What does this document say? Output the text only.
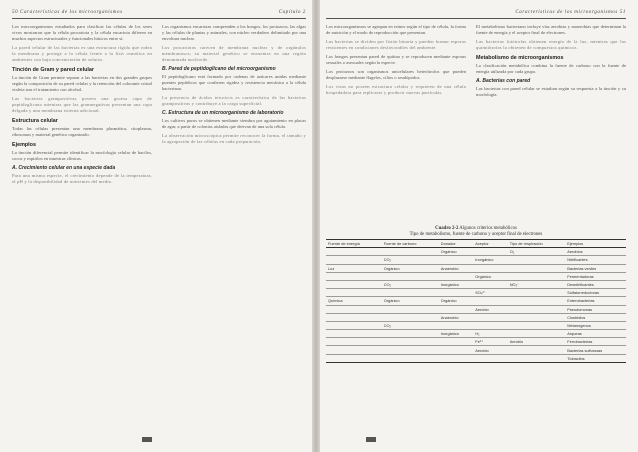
50 Características de los microorganismos	Capítulo 2

Los microorganismos estudiados para clasificar las células de los seres vivos mostraron que la célula procariota y la célula eucariota difieren en muchos aspectos estructurales y funcionales básicos entre sí.

La pared celular de las bacterias es una estructura rígida que rodea la membrana y protege a la célula frente a la lisis osmótica en ambientes con baja concentración de solutos.

Tinción de Gram y pared celular

La tinción de Gram permite separar a las bacterias en dos grandes grupos según la composición de su pared celular y la retención del colorante cristal violeta tras el tratamiento con alcohol.

Las bacterias grampositivas poseen una gruesa capa de peptidoglicano mientras que las gramnegativas presentan una capa delgada y una membrana externa adicional.

Estructura celular

Todas las células presentan una membrana plasmática, citoplasma, ribosomas y material genético organizado.

Ejemplos

La tinción diferencial permite identificar la morfología celular de bacilos, cocos y espirilos en muestras clínicas.

A. Crecimiento celular en una especie dada

Para una misma especie, el crecimiento depende de la temperatura, el pH y la disponibilidad de nutrientes del medio.

Los organismos eucariotas comprenden a los hongos, los protozoos, las algas y las células de plantas y animales, con núcleo verdadero delimitado por una envoltura nuclear.

Los procariotas carecen de membrana nuclear y de orgánulos membranosos; su material genético se encuentra en una región denominada nucleoide.

B. Pared de peptidoglicano del microorganismo

El peptidoglicano está formado por cadenas de azúcares unidas mediante puentes peptídicos que confieren rigidez y resistencia mecánica a la célula bacteriana.

La presencia de ácidos teicoicos es característica de las bacterias grampositivas y contribuye a la carga superficial.

C. Estructura de un microorganismo de laboratorio

Los cultivos puros se obtienen mediante siembra por agotamiento en placas de agar, a partir de colonias aisladas que derivan de una sola célula.

La observación microscópica permite reconocer la forma, el tamaño y la agrupación de las células en cada preparación.

Características de los microorganismos 51

Los microorganismos se agrupan en reinos según el tipo de célula, la forma de nutrición y el modo de reproducción que presentan.

Las bacterias se dividen por fisión binaria y pueden formar esporas resistentes en condiciones desfavorables del ambiente.

Los hongos presentan pared de quitina y se reproducen mediante esporas sexuales o asexuales según la especie.

Los protozoos son organismos unicelulares heterótrofos que pueden desplazarse mediante flagelos, cilios o seudópodos.

Los virus no poseen estructura celular y requieren de una célula hospedadora para replicarse y producir nuevas partículas.

El metabolismo bacteriano incluye vías aerobias y anaerobias que determinan la fuente de energía y el aceptor final de electrones.

Las bacterias fotótrofas obtienen energía de la luz, mientras que las quimiótrofas la obtienen de compuestos químicos.

Metabolismo de microorganismos

La clasificación metabólica combina la fuente de carbono con la fuente de energía utilizada por cada grupo.

A. Bacterias con pared

Las bacterias con pared celular se estudian según su respuesta a la tinción y su morfología.

Cuadro 2-2 Algunos criterios metabólicos
Tipo de metabolismo, fuente de carbono y aceptor final de electrones
Fuente de energía	Fuente de carbono	Donador	Aceptor	Tipo de respiración	Ejemplos
		Orgánico		O₂	Aerobios
	CO₂		Inorgánico		Nitrificantes
Luz	Orgánico	Anaerobio			Bacterias verdes
			Orgánico		Fermentadoras
	CO₂	Inorgánico		NO₃⁻	Desnitrificantes
			SO₄²⁻		Sulfatorreductoras
Química	Orgánico	Orgánico			Enterobacterias
			Aerobio		Pseudomonas
		Anaerobio			Clostridios
	CO₂				Metanógenos
		Inorgánico	H₂		Arqueas
			Fe²⁺	Aerobio	Ferrobacterias
			Aerobio		Bacterias sulfurosas
					Tiobacilos
